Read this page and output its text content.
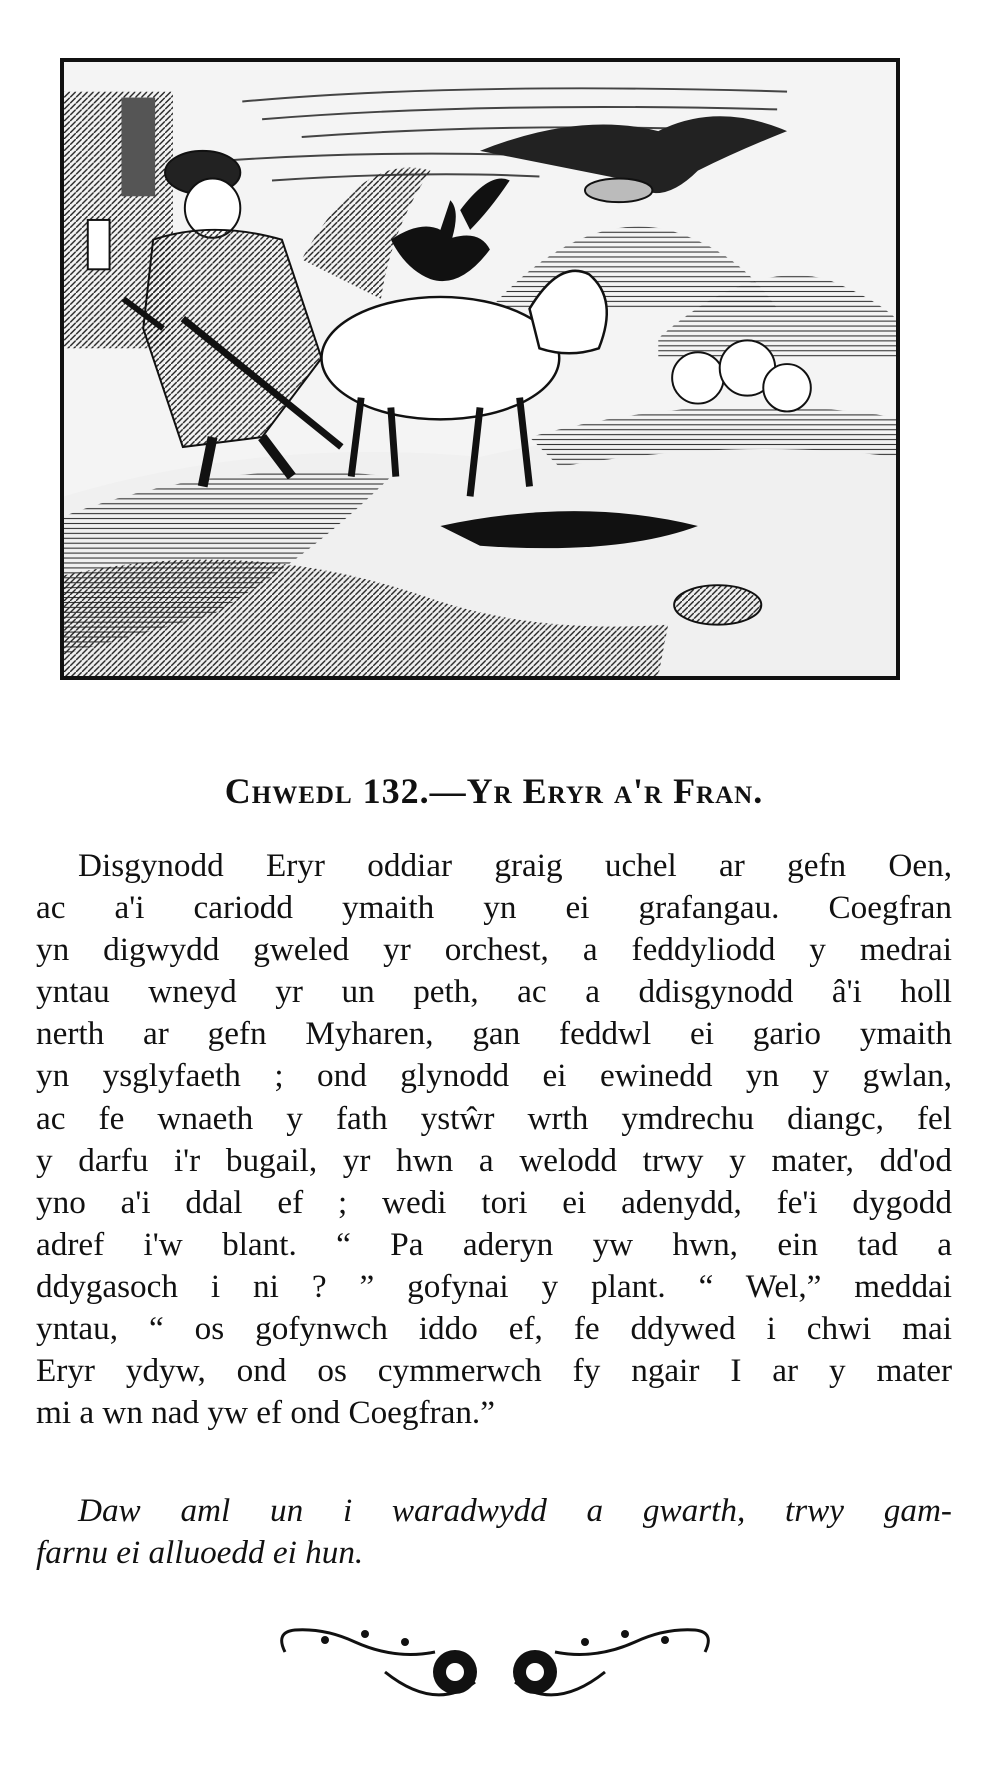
Chwedl 132.—Yr Eryr a'r Fran.
Disgynodd Eryr oddiar graig uchel ar gefn Oen,
ac a'i cariodd ymaith yn ei grafangau. Coegfran
yn digwydd gweled yr orchest, a feddyliodd y medrai
yntau wneyd yr un peth, ac a ddisgynodd â'i holl
nerth ar gefn Myharen, gan feddwl ei gario ymaith
yn ysglyfaeth ; ond glynodd ei ewinedd yn y gwlan,
ac fe wnaeth y fath ystŵr wrth ymdrechu diangc, fel
y darfu i'r bugail, yr hwn a welodd trwy y mater, dd'od
yno a'i ddal ef ; wedi tori ei adenydd, fe'i dygodd
adref i'w blant. “ Pa aderyn yw hwn, ein tad a
ddygasoch i ni ? ” gofynai y plant. “ Wel,” meddai
yntau, “ os gofynwch iddo ef, fe ddywed i chwi mai
Eryr ydyw, ond os cymmerwch fy ngair I ar y mater
mi a wn nad yw ef ond Coegfran.”
Daw aml un i waradwydd a gwarth, trwy gam-
farnu ei alluoedd ei hun.
